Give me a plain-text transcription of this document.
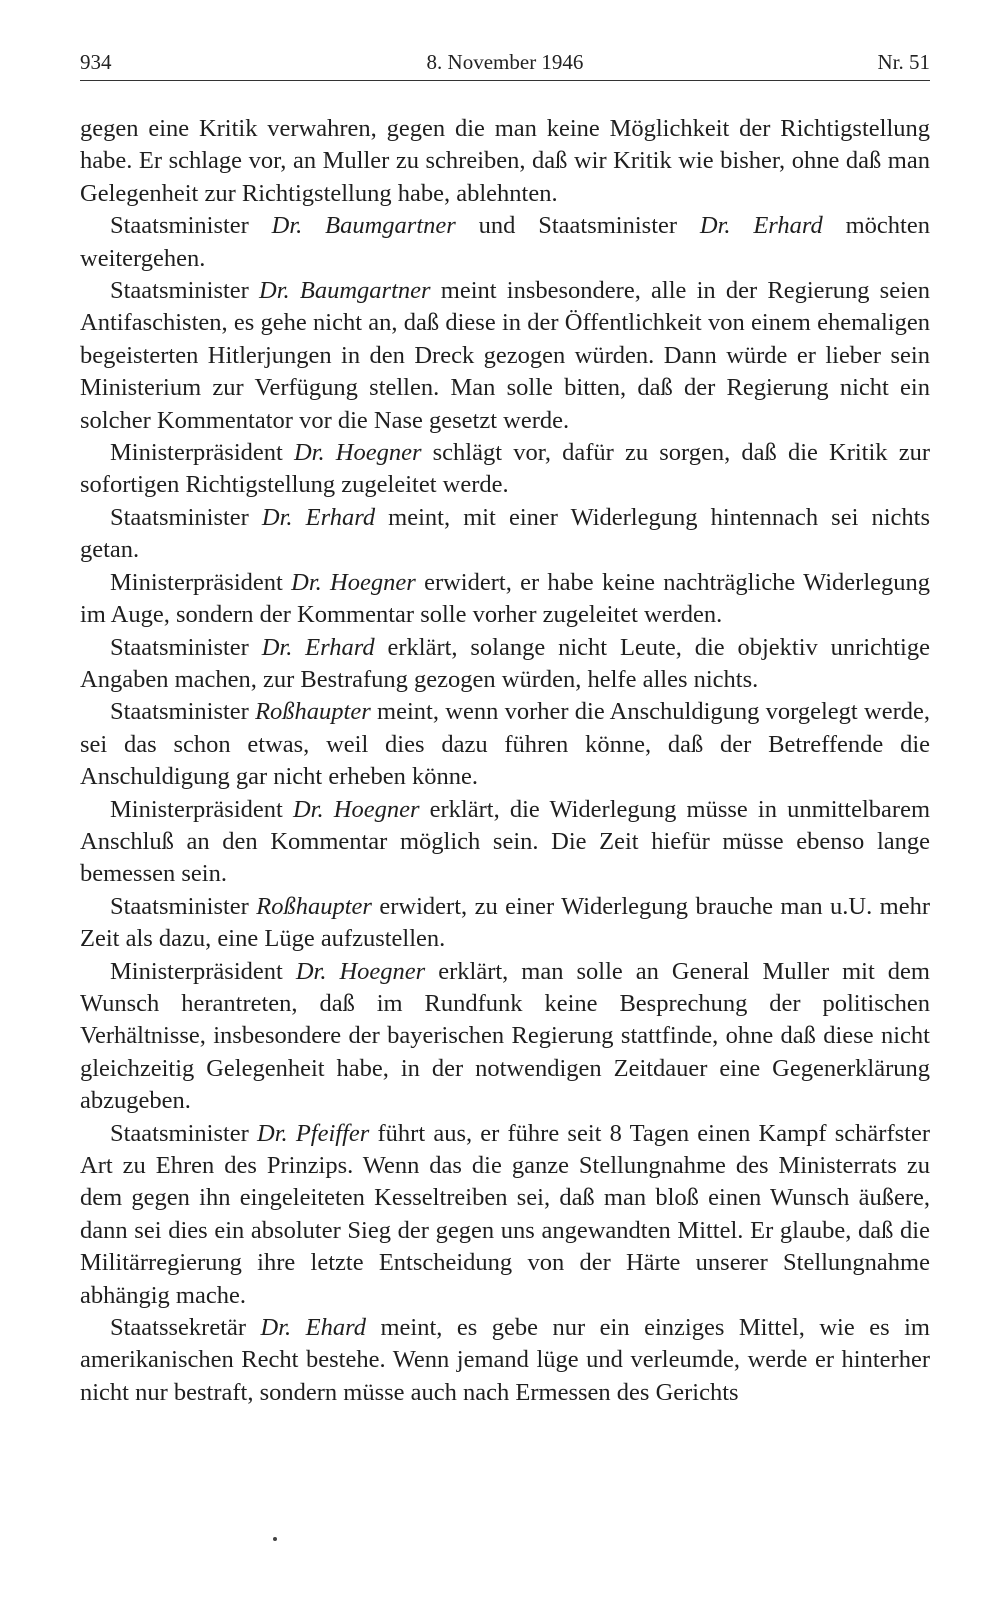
934	8. November 1946	Nr. 51

gegen eine Kritik verwahren, gegen die man keine Möglichkeit der Richtigstellung habe. Er schlage vor, an Muller zu schreiben, daß wir Kritik wie bisher, ohne daß man Gelegenheit zur Richtigstellung habe, ablehnten.

Staatsminister Dr. Baumgartner und Staatsminister Dr. Erhard möchten weitergehen.

Staatsminister Dr. Baumgartner meint insbesondere, alle in der Regierung seien Antifaschisten, es gehe nicht an, daß diese in der Öffentlichkeit von einem ehemaligen begeisterten Hitlerjungen in den Dreck gezogen würden. Dann würde er lieber sein Ministerium zur Verfügung stellen. Man solle bitten, daß der Regierung nicht ein solcher Kommentator vor die Nase gesetzt werde.

Ministerpräsident Dr. Hoegner schlägt vor, dafür zu sorgen, daß die Kritik zur sofortigen Richtigstellung zugeleitet werde.

Staatsminister Dr. Erhard meint, mit einer Widerlegung hintennach sei nichts getan.

Ministerpräsident Dr. Hoegner erwidert, er habe keine nachträgliche Widerlegung im Auge, sondern der Kommentar solle vorher zugeleitet werden.

Staatsminister Dr. Erhard erklärt, solange nicht Leute, die objektiv unrichtige Angaben machen, zur Bestrafung gezogen würden, helfe alles nichts.

Staatsminister Roßhaupter meint, wenn vorher die Anschuldigung vorgelegt werde, sei das schon etwas, weil dies dazu führen könne, daß der Betreffende die Anschuldigung gar nicht erheben könne.

Ministerpräsident Dr. Hoegner erklärt, die Widerlegung müsse in unmittelbarem Anschluß an den Kommentar möglich sein. Die Zeit hiefür müsse ebenso lange bemessen sein.

Staatsminister Roßhaupter erwidert, zu einer Widerlegung brauche man u.U. mehr Zeit als dazu, eine Lüge aufzustellen.

Ministerpräsident Dr. Hoegner erklärt, man solle an General Muller mit dem Wunsch herantreten, daß im Rundfunk keine Besprechung der politischen Verhältnisse, insbesondere der bayerischen Regierung stattfinde, ohne daß diese nicht gleichzeitig Gelegenheit habe, in der notwendigen Zeitdauer eine Gegenerklärung abzugeben.

Staatsminister Dr. Pfeiffer führt aus, er führe seit 8 Tagen einen Kampf schärfster Art zu Ehren des Prinzips. Wenn das die ganze Stellungnahme des Ministerrats zu dem gegen ihn eingeleiteten Kesseltreiben sei, daß man bloß einen Wunsch äußere, dann sei dies ein absoluter Sieg der gegen uns angewandten Mittel. Er glaube, daß die Militärregierung ihre letzte Entscheidung von der Härte unserer Stellungnahme abhängig mache.

Staatssekretär Dr. Ehard meint, es gebe nur ein einziges Mittel, wie es im amerikanischen Recht bestehe. Wenn jemand lüge und verleumde, werde er hinterher nicht nur bestraft, sondern müsse auch nach Ermessen des Gerichts
